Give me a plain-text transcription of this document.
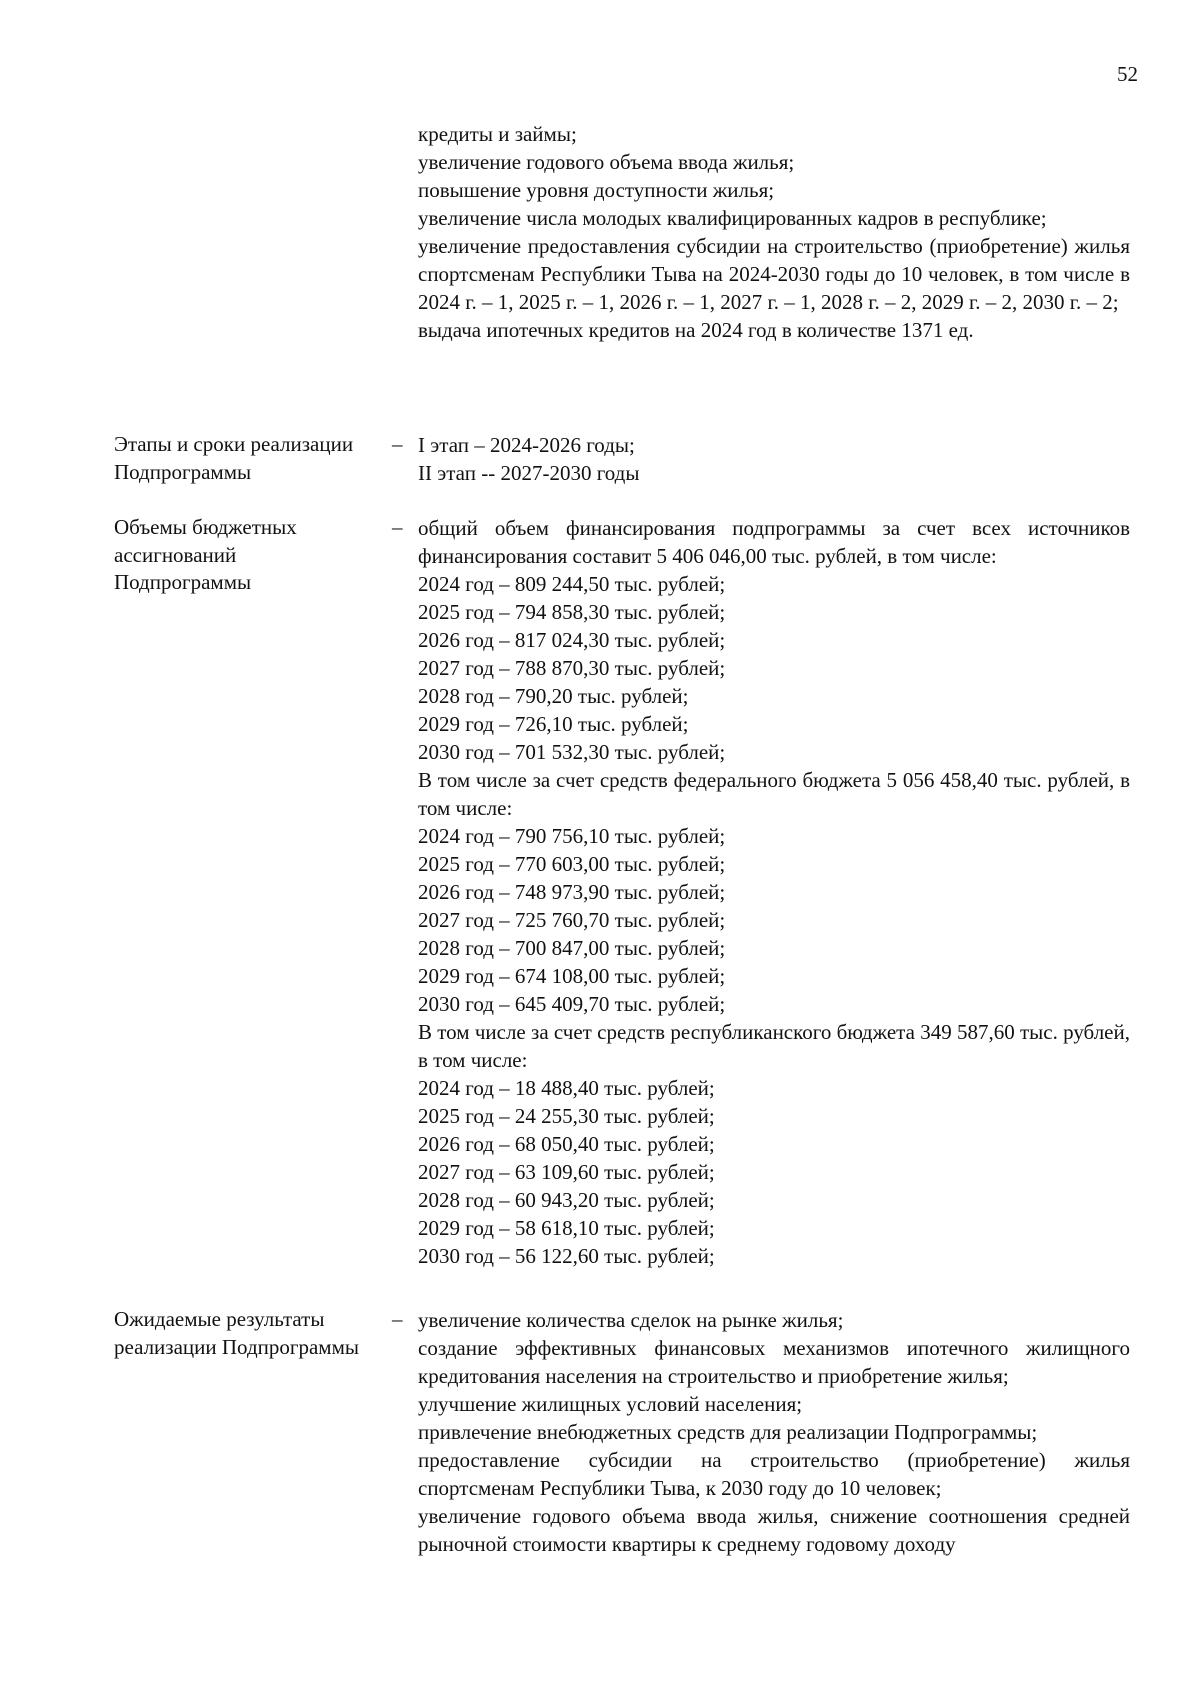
52
кредиты и займы;
увеличение годового объема ввода жилья;
повышение уровня доступности жилья;
увеличение числа молодых квалифицированных кадров в республике;
увеличение предоставления субсидии на строительство (приобретение) жилья спортсменам Республики Тыва на 2024-2030 годы до 10 человек, в том числе в 2024 г. – 1, 2025 г. – 1, 2026 г. – 1, 2027 г. – 1, 2028 г. – 2, 2029 г. – 2, 2030 г. – 2;
выдача ипотечных кредитов на 2024 год в количестве 1371 ед.
Этапы и сроки реализации Подпрограммы
– I этап – 2024-2026 годы;
II этап -- 2027-2030 годы
Объемы бюджетных ассигнований Подпрограммы
– общий объем финансирования подпрограммы за счет всех источников финансирования составит 5 406 046,00 тыс. рублей, в том числе:
2024 год – 809 244,50 тыс. рублей;
2025 год – 794 858,30 тыс. рублей;
2026 год – 817 024,30 тыс. рублей;
2027 год – 788 870,30 тыс. рублей;
2028 год – 790,20 тыс. рублей;
2029 год – 726,10 тыс. рублей;
2030 год – 701 532,30 тыс. рублей;
В том числе за счет средств федерального бюджета 5 056 458,40 тыс. рублей, в том числе:
2024 год – 790 756,10 тыс. рублей;
2025 год – 770 603,00 тыс. рублей;
2026 год – 748 973,90 тыс. рублей;
2027 год – 725 760,70 тыс. рублей;
2028 год – 700 847,00 тыс. рублей;
2029 год – 674 108,00 тыс. рублей;
2030 год – 645 409,70 тыс. рублей;
В том числе за счет средств республиканского бюджета 349 587,60 тыс. рублей, в том числе:
2024 год – 18 488,40 тыс. рублей;
2025 год – 24 255,30 тыс. рублей;
2026 год – 68 050,40 тыс. рублей;
2027 год – 63 109,60 тыс. рублей;
2028 год – 60 943,20 тыс. рублей;
2029 год – 58 618,10 тыс. рублей;
2030 год – 56 122,60 тыс. рублей;
Ожидаемые результаты реализации Подпрограммы
– увеличение количества сделок на рынке жилья;
создание эффективных финансовых механизмов ипотечного жилищного кредитования населения на строительство и приобретение жилья;
улучшение жилищных условий населения;
привлечение внебюджетных средств для реализации Подпрограммы;
предоставление субсидии на строительство (приобретение) жилья спортсменам Республики Тыва, к 2030 году до 10 человек;
увеличение годового объема ввода жилья, снижение соотношения средней рыночной стоимости квартиры к среднему годовому доходу
